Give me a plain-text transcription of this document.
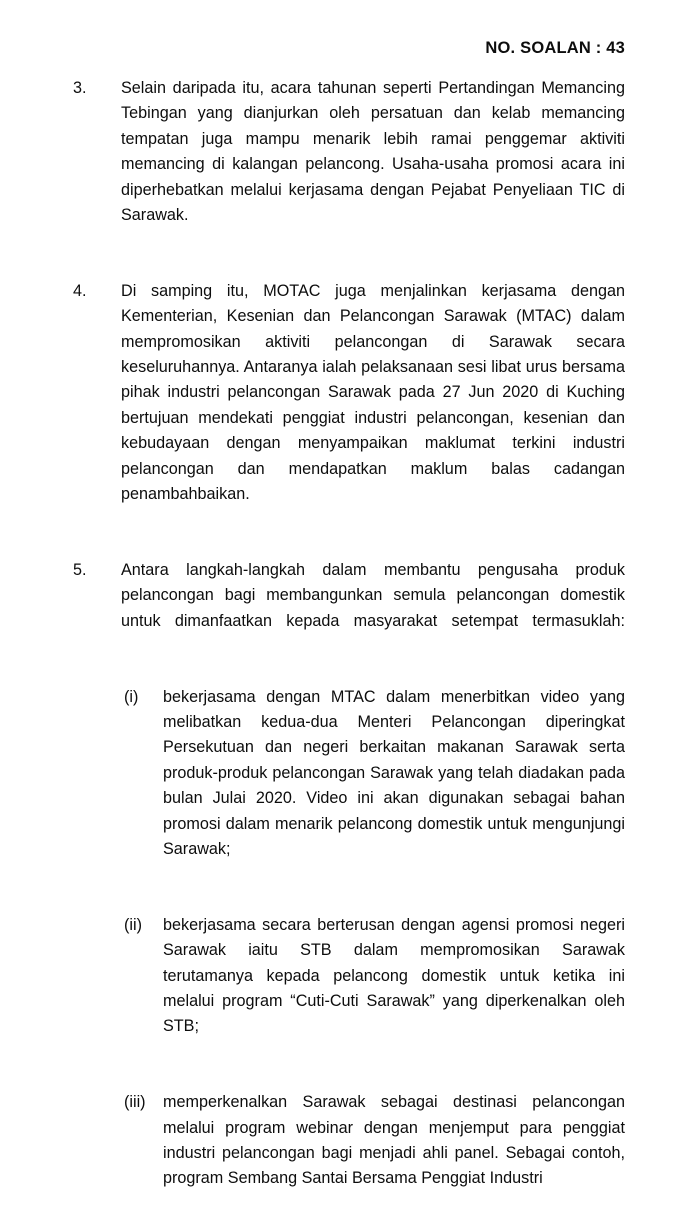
NO. SOALAN : 43
3.	Selain daripada itu, acara tahunan seperti Pertandingan Memancing Tebingan yang dianjurkan oleh persatuan dan kelab memancing tempatan juga mampu menarik lebih ramai penggemar aktiviti memancing di kalangan pelancong. Usaha-usaha promosi acara ini diperhebatkan melalui kerjasama dengan Pejabat Penyeliaan TIC di Sarawak.
4.	Di samping itu, MOTAC juga menjalinkan kerjasama dengan Kementerian, Kesenian dan Pelancongan Sarawak (MTAC) dalam mempromosikan aktiviti pelancongan di Sarawak secara keseluruhannya. Antaranya ialah pelaksanaan sesi libat urus bersama pihak industri pelancongan Sarawak pada 27 Jun 2020 di Kuching bertujuan mendekati penggiat industri pelancongan, kesenian dan kebudayaan dengan menyampaikan maklumat terkini industri pelancongan dan mendapatkan maklum balas cadangan penambahbaikan.
5.	Antara langkah-langkah dalam membantu pengusaha produk pelancongan bagi membangunkan semula pelancongan domestik untuk dimanfaatkan kepada masyarakat setempat termasuklah:
(i)	bekerjasama dengan MTAC dalam menerbitkan video yang melibatkan kedua-dua Menteri Pelancongan diperingkat Persekutuan dan negeri berkaitan makanan Sarawak serta produk-produk pelancongan Sarawak yang telah diadakan pada bulan Julai 2020. Video ini akan digunakan sebagai bahan promosi dalam menarik pelancong domestik untuk mengunjungi Sarawak;
(ii)	bekerjasama secara berterusan dengan agensi promosi negeri Sarawak iaitu STB dalam mempromosikan Sarawak terutamanya kepada pelancong domestik untuk ketika ini melalui program “Cuti-Cuti Sarawak” yang diperkenalkan oleh STB;
(iii)	memperkenalkan Sarawak sebagai destinasi pelancongan melalui program webinar dengan menjemput para penggiat industri pelancongan bagi menjadi ahli panel. Sebagai contoh, program Sembang Santai Bersama Penggiat Industri
